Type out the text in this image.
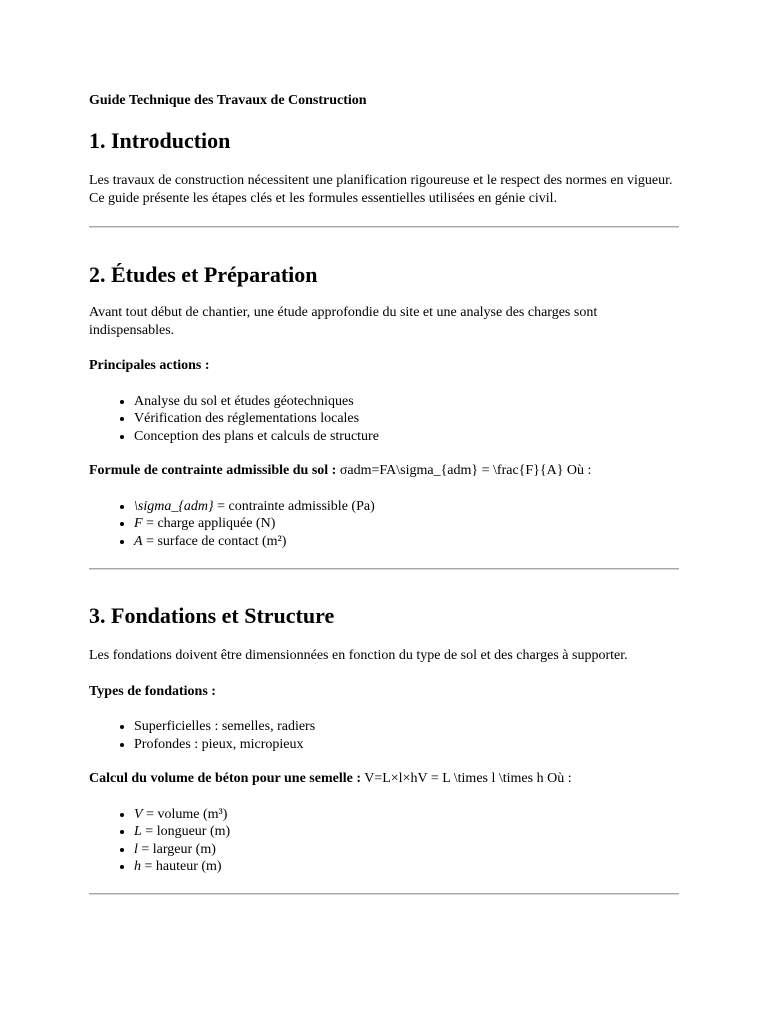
Guide Technique des Travaux de Construction

1. Introduction

Les travaux de construction nécessitent une planification rigoureuse et le respect des normes en vigueur. Ce guide présente les étapes clés et les formules essentielles utilisées en génie civil.

2. Études et Préparation

Avant tout début de chantier, une étude approfondie du site et une analyse des charges sont indispensables.

Principales actions :

• Analyse du sol et études géotechniques
• Vérification des réglementations locales
• Conception des plans et calculs de structure

Formule de contrainte admissible du sol : σadm=FA\sigma_{adm} = \frac{F}{A} Où :

• \sigma_{adm} = contrainte admissible (Pa)
• F = charge appliquée (N)
• A = surface de contact (m²)
3. Fondations et Structure

Les fondations doivent être dimensionnées en fonction du type de sol et des charges à supporter.

Types de fondations :

• Superficielles : semelles, radiers
• Profondes : pieux, micropieux

Calcul du volume de béton pour une semelle : V=L×l×hV = L \times l \times h Où :

• V = volume (m³)
• L = longueur (m)
• l = largeur (m)
• h = hauteur (m)
